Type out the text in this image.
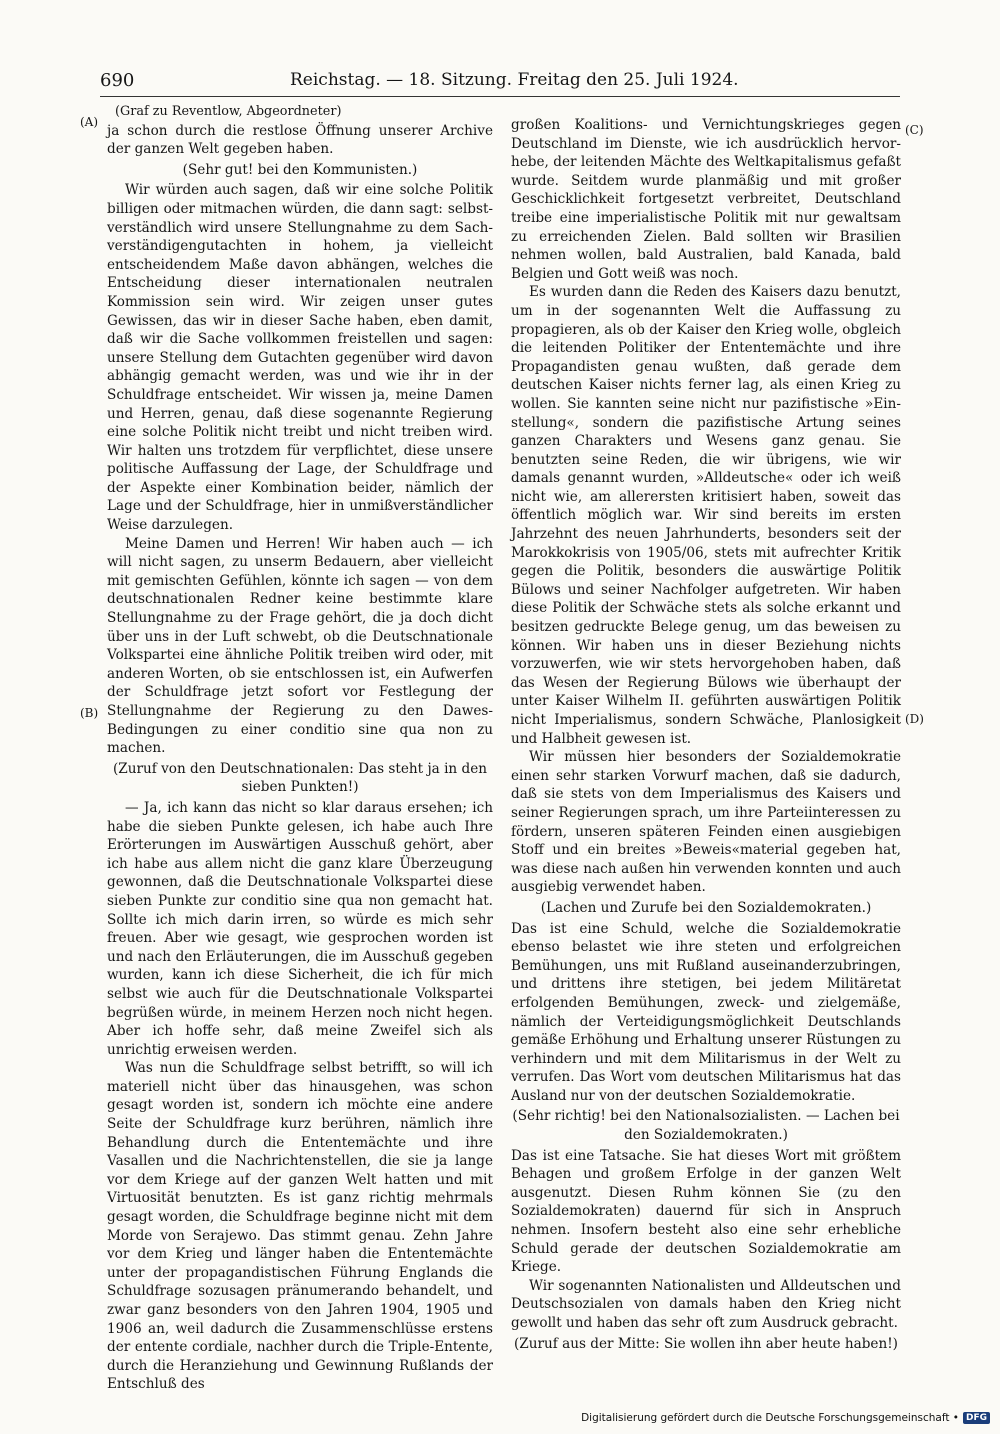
690	Reichstag. — 18. Sitzung. Freitag den 25. Juli 1924.
(A)
(B)
(C)
(D)

(Graf zu Reventlow, Abgeordneter)

ja schon durch die restlose Öffnung unserer Archive der ganzen Welt gegeben haben.

(Sehr gut! bei den Kommunisten.)

Wir würden auch sagen, daß wir eine solche Politik billigen oder mitmachen würden, die dann sagt: selbstverständlich wird unsere Stellungnahme zu dem Sachverständigengutachten in hohem, ja vielleicht entscheidendem Maße davon abhängen, welches die Entscheidung dieser internationalen neutralen Kommission sein wird. Wir zeigen unser gutes Gewissen, das wir in dieser Sache haben, eben damit, daß wir die Sache vollkommen freistellen und sagen: unsere Stellung dem Gutachten gegenüber wird davon abhängig gemacht werden, was und wie ihr in der Schuldfrage entscheidet. Wir wissen ja, meine Damen und Herren, genau, daß diese sogenannte Regierung eine solche Politik nicht treibt und nicht treiben wird. Wir halten uns trotzdem für verpflichtet, diese unsere politische Auffassung der Lage, der Schuldfrage und der Aspekte einer Kombination beider, nämlich der Lage und der Schuldfrage, hier in unmißverständlicher Weise darzulegen.

Meine Damen und Herren! Wir haben auch — ich will nicht sagen, zu unserm Bedauern, aber vielleicht mit gemischten Gefühlen, könnte ich sagen — von dem deutschnationalen Redner keine bestimmte klare Stellungnahme zu der Frage gehört, die ja doch dicht über uns in der Luft schwebt, ob die Deutschnationale Volkspartei eine ähnliche Politik treiben wird oder, mit anderen Worten, ob sie entschlossen ist, ein Aufwerfen der Schuldfrage jetzt sofort vor Festlegung der Stellungnahme der Regierung zu den Dawes-Bedingungen zu einer conditio sine qua non zu machen.

(Zuruf von den Deutschnationalen: Das steht ja in den sieben Punkten!)

— Ja, ich kann das nicht so klar daraus ersehen; ich habe die sieben Punkte gelesen, ich habe auch Ihre Erörterungen im Auswärtigen Ausschuß gehört, aber ich habe aus allem nicht die ganz klare Überzeugung gewonnen, daß die Deutschnationale Volkspartei diese sieben Punkte zur conditio sine qua non gemacht hat. Sollte ich mich darin irren, so würde es mich sehr freuen. Aber wie gesagt, wie gesprochen worden ist und nach den Erläuterungen, die im Ausschuß gegeben wurden, kann ich diese Sicherheit, die ich für mich selbst wie auch für die Deutschnationale Volkspartei begrüßen würde, in meinem Herzen noch nicht hegen. Aber ich hoffe sehr, daß meine Zweifel sich als unrichtig erweisen werden.

Was nun die Schuldfrage selbst betrifft, so will ich materiell nicht über das hinausgehen, was schon gesagt worden ist, sondern ich möchte eine andere Seite der Schuldfrage kurz berühren, nämlich ihre Behandlung durch die Ententemächte und ihre Vasallen und die Nachrichtenstellen, die sie ja lange vor dem Kriege auf der ganzen Welt hatten und mit Virtuosität benutzten. Es ist ganz richtig mehrmals gesagt worden, die Schuldfrage beginne nicht mit dem Morde von Serajewo. Das stimmt genau. Zehn Jahre vor dem Krieg und länger haben die Ententemächte unter der propagandistischen Führung Englands die Schuldfrage sozusagen pränumerando behandelt, und zwar ganz besonders von den Jahren 1904, 1905 und 1906 an, weil dadurch die Zusammenschlüsse erstens der entente cordiale, nachher durch die Triple-Entente, durch die Heranziehung und Gewinnung Rußlands der Entschluß des

großen Koalitions- und Vernichtungskrieges gegen Deutschland im Dienste, wie ich ausdrücklich hervorhebe, der leitenden Mächte des Weltkapitalismus gefaßt wurde. Seitdem wurde planmäßig und mit großer Geschicklichkeit fortgesetzt verbreitet, Deutschland treibe eine imperialistische Politik mit nur gewaltsam zu erreichenden Zielen. Bald sollten wir Brasilien nehmen wollen, bald Australien, bald Kanada, bald Belgien und Gott weiß was noch.

Es wurden dann die Reden des Kaisers dazu benutzt, um in der sogenannten Welt die Auffassung zu propagieren, als ob der Kaiser den Krieg wolle, obgleich die leitenden Politiker der Ententemächte und ihre Propagandisten genau wußten, daß gerade dem deutschen Kaiser nichts ferner lag, als einen Krieg zu wollen. Sie kannten seine nicht nur pazifistische »Einstellung«, sondern die pazifistische Artung seines ganzen Charakters und Wesens ganz genau. Sie benutzten seine Reden, die wir übrigens, wie wir damals genannt wurden, »Alldeutsche« oder ich weiß nicht wie, am allerersten kritisiert haben, soweit das öffentlich möglich war. Wir sind bereits im ersten Jahrzehnt des neuen Jahrhunderts, besonders seit der Marokkokrisis von 1905/06, stets mit aufrechter Kritik gegen die Politik, besonders die auswärtige Politik Bülows und seiner Nachfolger aufgetreten. Wir haben diese Politik der Schwäche stets als solche erkannt und besitzen gedruckte Belege genug, um das beweisen zu können. Wir haben uns in dieser Beziehung nichts vorzuwerfen, wie wir stets hervorgehoben haben, daß das Wesen der Regierung Bülows wie überhaupt der unter Kaiser Wilhelm II. geführten auswärtigen Politik nicht Imperialismus, sondern Schwäche, Planlosigkeit und Halbheit gewesen ist.

Wir müssen hier besonders der Sozialdemokratie einen sehr starken Vorwurf machen, daß sie dadurch, daß sie stets von dem Imperialismus des Kaisers und seiner Regierungen sprach, um ihre Parteiinteressen zu fördern, unseren späteren Feinden einen ausgiebigen Stoff und ein breites »Beweis«material gegeben hat, was diese nach außen hin verwenden konnten und auch ausgiebig verwendet haben.

(Lachen und Zurufe bei den Sozialdemokraten.)

Das ist eine Schuld, welche die Sozialdemokratie ebenso belastet wie ihre steten und erfolgreichen Bemühungen, uns mit Rußland auseinanderzubringen, und drittens ihre stetigen, bei jedem Militäretat erfolgenden Bemühungen, zweck- und zielgemäße, nämlich der Verteidigungsmöglichkeit Deutschlands gemäße Erhöhung und Erhaltung unserer Rüstungen zu verhindern und mit dem Militarismus in der Welt zu verrufen. Das Wort vom deutschen Militarismus hat das Ausland nur von der deutschen Sozialdemokratie.

(Sehr richtig! bei den Nationalsozialisten. — Lachen bei den Sozialdemokraten.)

Das ist eine Tatsache. Sie hat dieses Wort mit größtem Behagen und großem Erfolge in der ganzen Welt ausgenutzt. Diesen Ruhm können Sie (zu den Sozialdemokraten) dauernd für sich in Anspruch nehmen. Insofern besteht also eine sehr erhebliche Schuld gerade der deutschen Sozialdemokratie am Kriege.

Wir sogenannten Nationalisten und Alldeutschen und Deutschsozialen von damals haben den Krieg nicht gewollt und haben das sehr oft zum Ausdruck gebracht.

(Zuruf aus der Mitte: Sie wollen ihn aber heute haben!)

Digitalisierung gefördert durch die Deutsche Forschungsgemeinschaft • DFG
